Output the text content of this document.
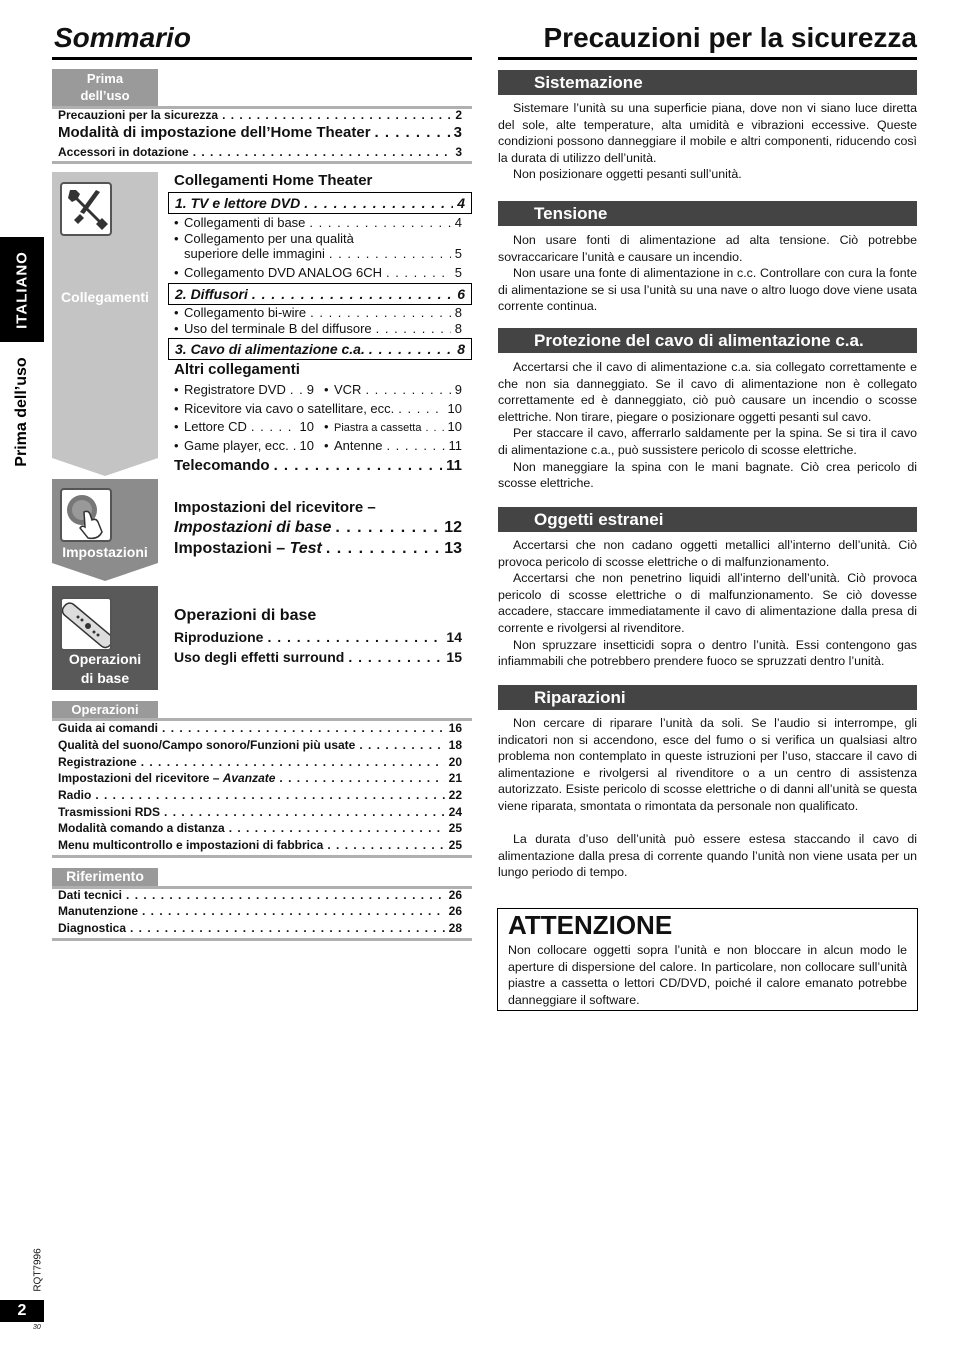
Sommario	Precauzioni per la sicurezza
ITALIANO
Prima dell’uso
Prima
dell’uso
Precauzioni per la sicurezza . . .	2
Modalità di impostazione dell’Home Theater . . .	3
Accessori in dotazione . . .	3
Collegamenti
Collegamenti Home Theater
1. TV e lettore DVD . . .	4
• Collegamenti di base . . .	4
• Collegamento per una qualità
superiore delle immagini . . .	5
• Collegamento DVD ANALOG 6CH . . .	5
2. Diffusori . . .	6
• Collegamento bi-wire . . .	8
• Uso del terminale B del diffusore . . .	8
3. Cavo di alimentazione c.a. . . .	8
Altri collegamenti
• Registratore DVD . . . 9 • VCR . . .	9
• Ricevitore via cavo o satellitare, ecc. . . .	10
• Lettore CD . . .	10 • Piastra a cassetta . . . 10
• Game player, ecc. . . . 10 • Antenne . . .	11
Telecomando . . .	11
Impostazioni
Impostazioni del ricevitore –
Impostazioni di base . . .	12
Impostazioni – Test . . .	13
Operazioni
di base
Operazioni di base
Riproduzione . . .	14
Uso degli effetti surround . . .	15
Operazioni
Guida ai comandi . . .	16
Qualità del suono/Campo sonoro/Funzioni più usate . . .	18
Registrazione . . .	20
Impostazioni del ricevitore – Avanzate . . .	21
Radio . . .	22
Trasmissioni RDS . . .	24
Modalità comando a distanza . . .	25
Menu multicontrollo e impostazioni di fabbrica . . .	25
Riferimento
Dati tecnici . . .	26
Manutenzione . . .	26
Diagnostica . . .	28
Sistemazione

Sistemare l’unità su una superficie piana, dove non vi siano luce diretta del sole, alte temperature, alta umidità e vibrazioni eccessive. Queste condizioni possono danneggiare il mobile e altri componenti, riducendo così la durata di utilizzo dell’unità.

Non posizionare oggetti pesanti sull’unità.

Tensione

Non usare fonti di alimentazione ad alta tensione. Ciò potrebbe sovraccaricare l’unità e causare un incendio.

Non usare una fonte di alimentazione in c.c. Controllare con cura la fonte di alimentazione se si usa l’unità su una nave o altro luogo dove viene usata corrente continua.

Protezione del cavo di alimentazione c.a.

Accertarsi che il cavo di alimentazione c.a. sia collegato correttamente e che non sia danneggiato. Se il cavo di alimentazione non è collegato correttamente ed è danneggiato, ciò può causare un incendio o scosse elettriche. Non tirare, piegare o posizionare oggetti pesanti sul cavo.

Per staccare il cavo, afferrarlo saldamente per la spina. Se si tira il cavo di alimentazione c.a., può sussistere pericolo di scosse elettriche.

Non maneggiare la spina con le mani bagnate. Ciò crea pericolo di scosse elettriche.

Oggetti estranei

Accertarsi che non cadano oggetti metallici all’interno dell’unità. Ciò provoca pericolo di scosse elettriche o di malfunzionamento.

Accertarsi che non penetrino liquidi all’interno dell’unità. Ciò provoca pericolo di scosse elettriche o di malfunzionamento. Se ciò dovesse accadere, staccare immediatamente il cavo di alimentazione dalla presa di corrente e rivolgersi al rivenditore.

Non spruzzare insetticidi sopra o dentro l’unità. Essi contengono gas infiammabili che potrebbero prendere fuoco se spruzzati dentro l’unità.

Riparazioni

Non cercare di riparare l’unità da soli. Se l’audio si interrompe, gli indicatori non si accendono, esce del fumo o si verifica un qualsiasi altro problema non contemplato in queste istruzioni per l’uso, staccare il cavo di alimentazione e rivolgersi al rivenditore o a un centro di assistenza autorizzato. Esiste pericolo di scosse elettriche o di danni all’unità se questa viene riparata, smontata o rimontata da personale non qualificato.

La durata d’uso dell’unità può essere estesa staccando il cavo di alimentazione dalla presa di corrente quando l’unità non viene usata per un lungo periodo di tempo.

ATTENZIONE
Non collocare oggetti sopra l’unità e non bloccare in alcun modo le aperture di dispersione del calore. In particolare, non collocare sull’unità piastre a cassetta o lettori CD/DVD, poiché il calore emanato potrebbe danneggiare il software.
RQT7996
2
30
